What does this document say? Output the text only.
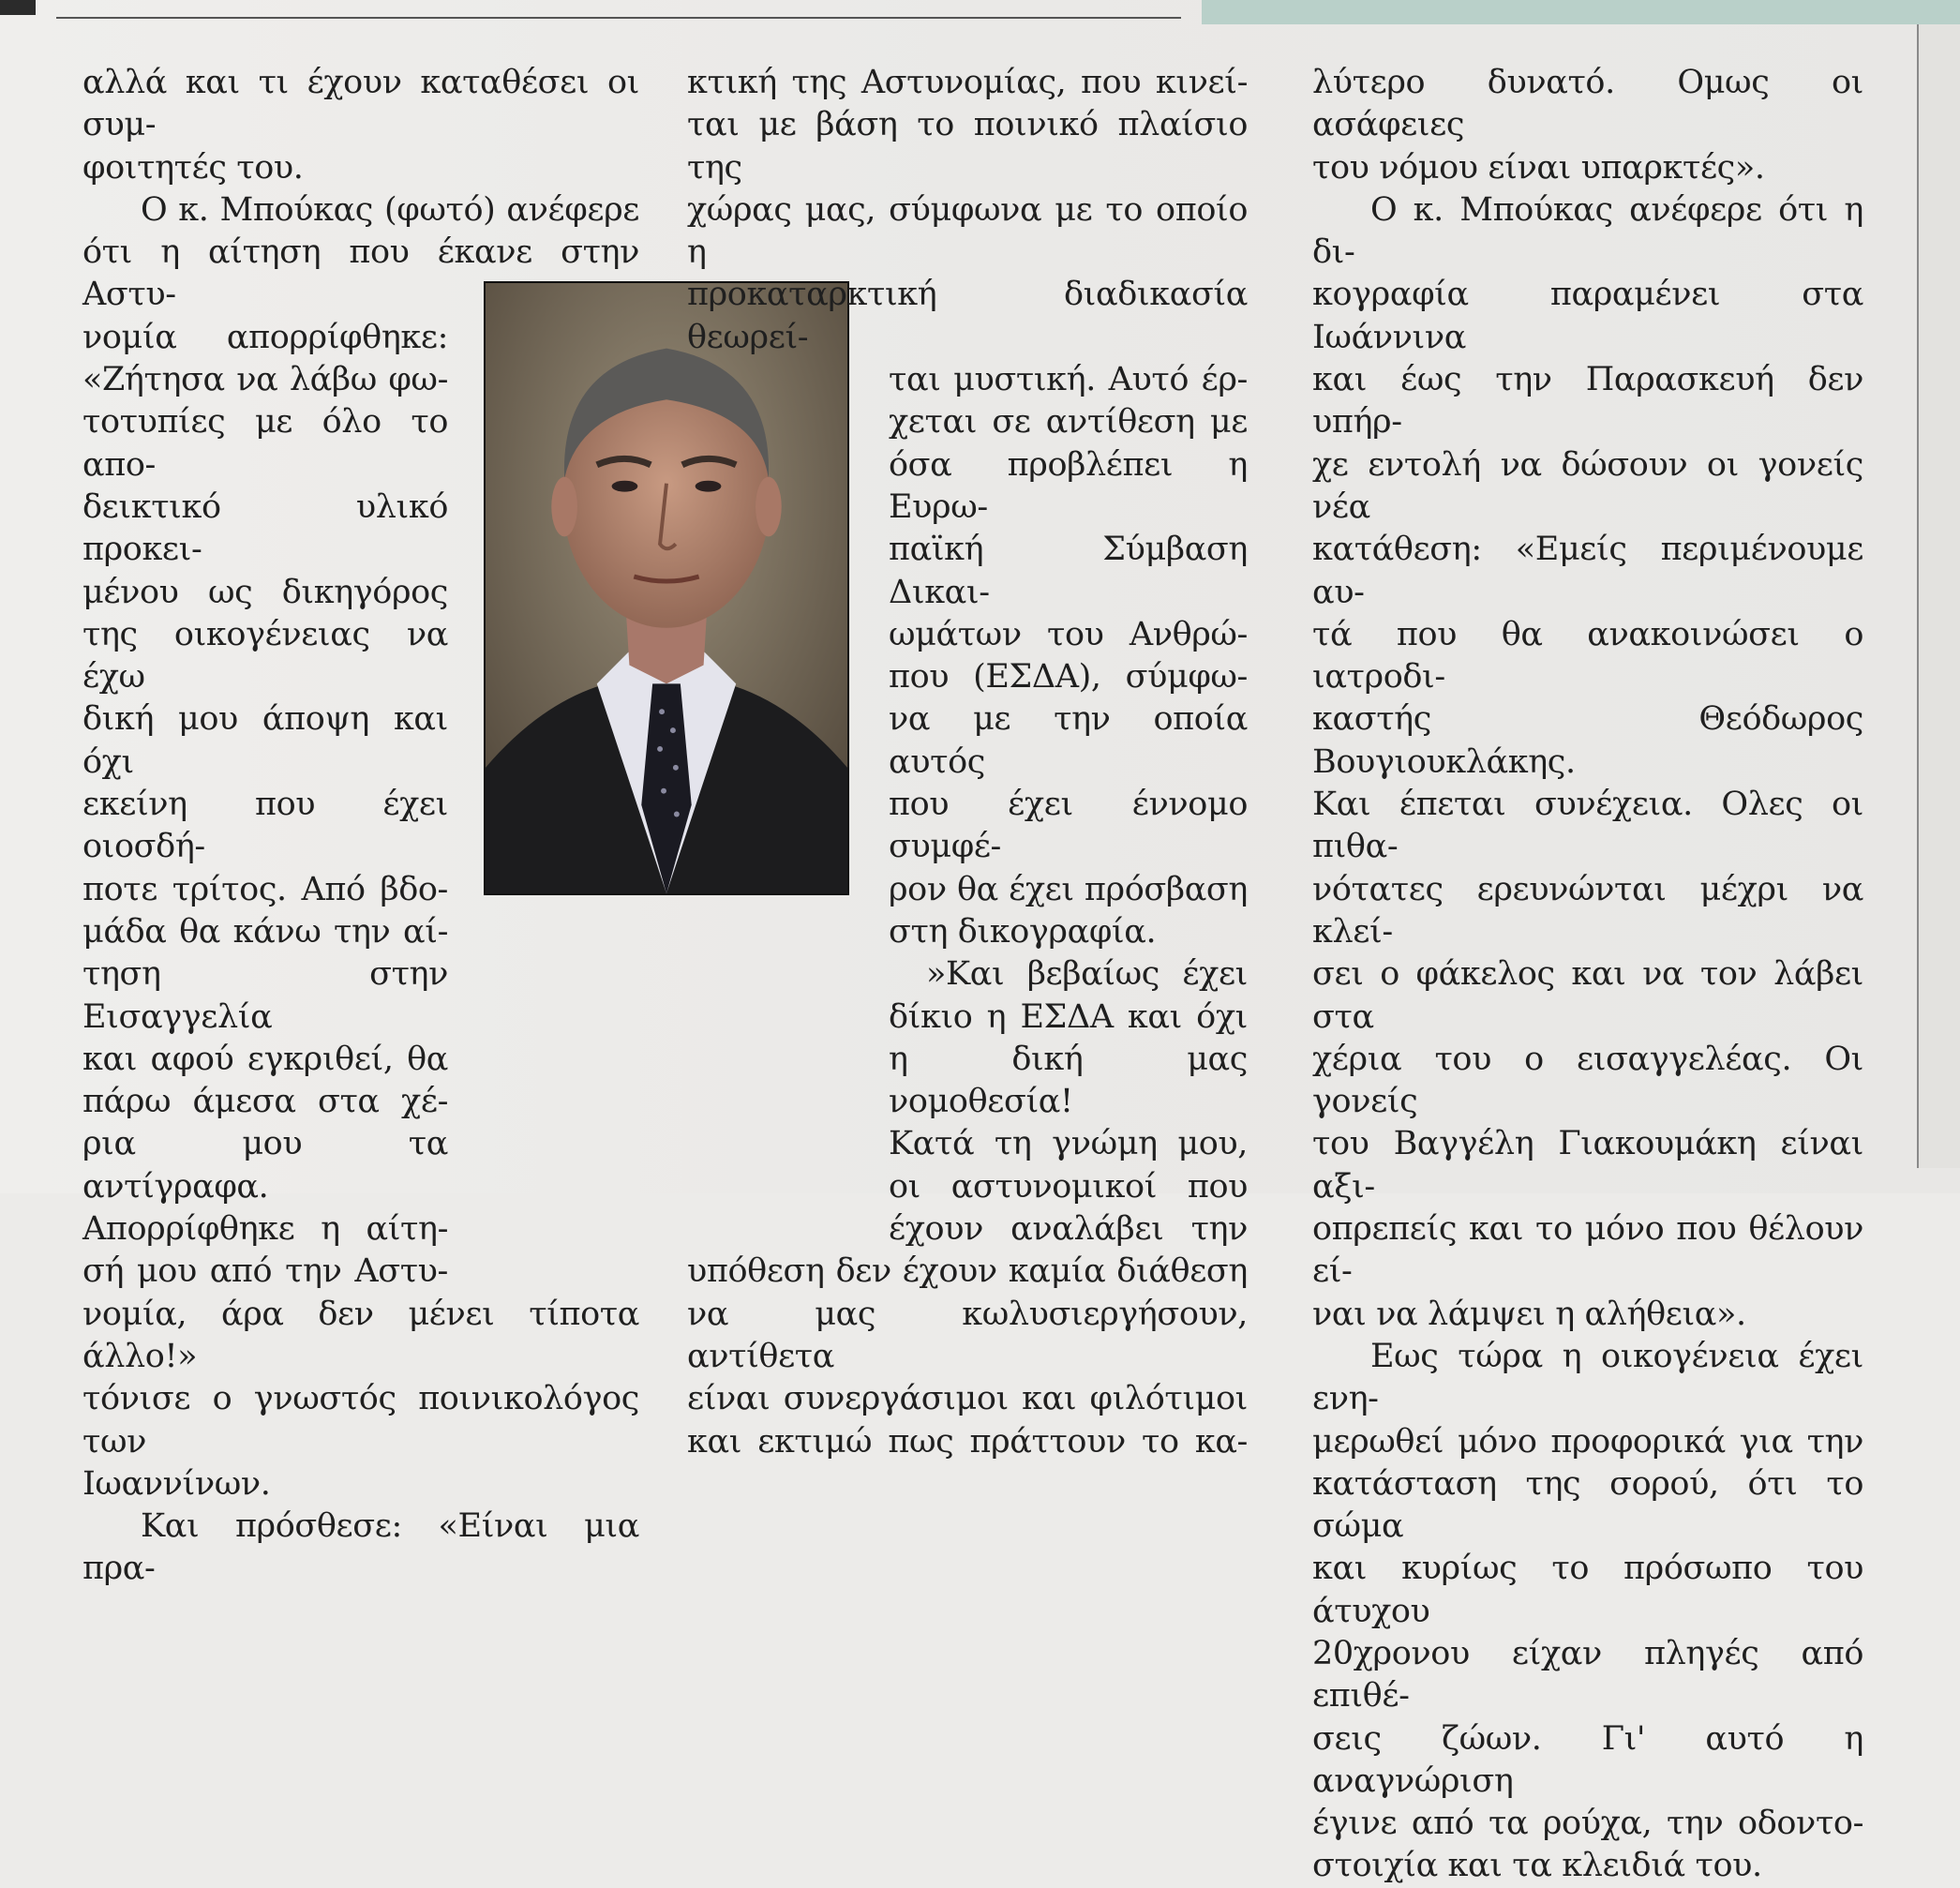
αλλά και τι έχουν καταθέσει οι συμ-

φοιτητές του.

Ο κ. Μπούκας (φωτό) ανέφερε

ότι η αίτηση που έκανε στην Αστυ-

νομία απορρίφθηκε:

«Ζήτησα να λάβω φω-

τοτυπίες με όλο το απο-

δεικτικό υλικό προκει-

μένου ως δικηγόρος

της οικογένειας να έχω

δική μου άποψη και όχι

εκείνη που έχει οιοσδή-

ποτε τρίτος. Από βδο-

μάδα θα κάνω την αί-

τηση στην Εισαγγελία

και αφού εγκριθεί, θα

πάρω άμεσα στα χέ-

ρια μου τα αντίγραφα.

Απορρίφθηκε η αίτη-

σή μου από την Αστυ-

νομία, άρα δεν μένει τίποτα άλλο!»

τόνισε ο γνωστός ποινικολόγος των

Ιωαννίνων.

Και πρόσθεσε: «Είναι μια πρα-

κτική της Αστυνομίας, που κινεί-

ται με βάση το ποινικό πλαίσιο της

χώρας μας, σύμφωνα με το οποίο η

προκαταρκτική διαδικασία θεωρεί-

ται μυστική. Αυτό έρ-

χεται σε αντίθεση με

όσα προβλέπει η Ευρω-

παϊκή Σύμβαση Δικαι-

ωμάτων του Ανθρώ-

που (ΕΣΔΑ), σύμφω-

να με την οποία αυτός

που έχει έννομο συμφέ-

ρον θα έχει πρόσβαση

στη δικογραφία.

»Και βεβαίως έχει

δίκιο η ΕΣΔΑ και όχι

η δική μας νομοθεσία!

Κατά τη γνώμη μου,

οι αστυνομικοί που

έχουν αναλάβει την

υπόθεση δεν έχουν καμία διάθεση

να μας κωλυσιεργήσουν, αντίθετα

είναι συνεργάσιμοι και φιλότιμοι

και εκτιμώ πως πράττουν το κα-

λύτερο δυνατό. Ομως οι ασάφειες

του νόμου είναι υπαρκτές».

Ο κ. Μπούκας ανέφερε ότι η δι-

κογραφία παραμένει στα Ιωάννινα

και έως την Παρασκευή δεν υπήρ-

χε εντολή να δώσουν οι γονείς νέα

κατάθεση: «Εμείς περιμένουμε αυ-

τά που θα ανακοινώσει ο ιατροδι-

καστής Θεόδωρος Βουγιουκλάκης.

Και έπεται συνέχεια. Ολες οι πιθα-

νότατες ερευνώνται μέχρι να κλεί-

σει ο φάκελος και να τον λάβει στα

χέρια του ο εισαγγελέας. Οι γονείς

του Βαγγέλη Γιακουμάκη είναι αξι-

οπρεπείς και το μόνο που θέλουν εί-

ναι να λάμψει η αλήθεια».

Εως τώρα η οικογένεια έχει ενη-

μερωθεί μόνο προφορικά για την

κατάσταση της σορού, ότι το σώμα

και κυρίως το πρόσωπο του άτυχου

20χρονου είχαν πληγές από επιθέ-

σεις ζώων. Γι' αυτό η αναγνώριση

έγινε από τα ρούχα, την οδοντο-

στοιχία και τα κλειδιά του.
